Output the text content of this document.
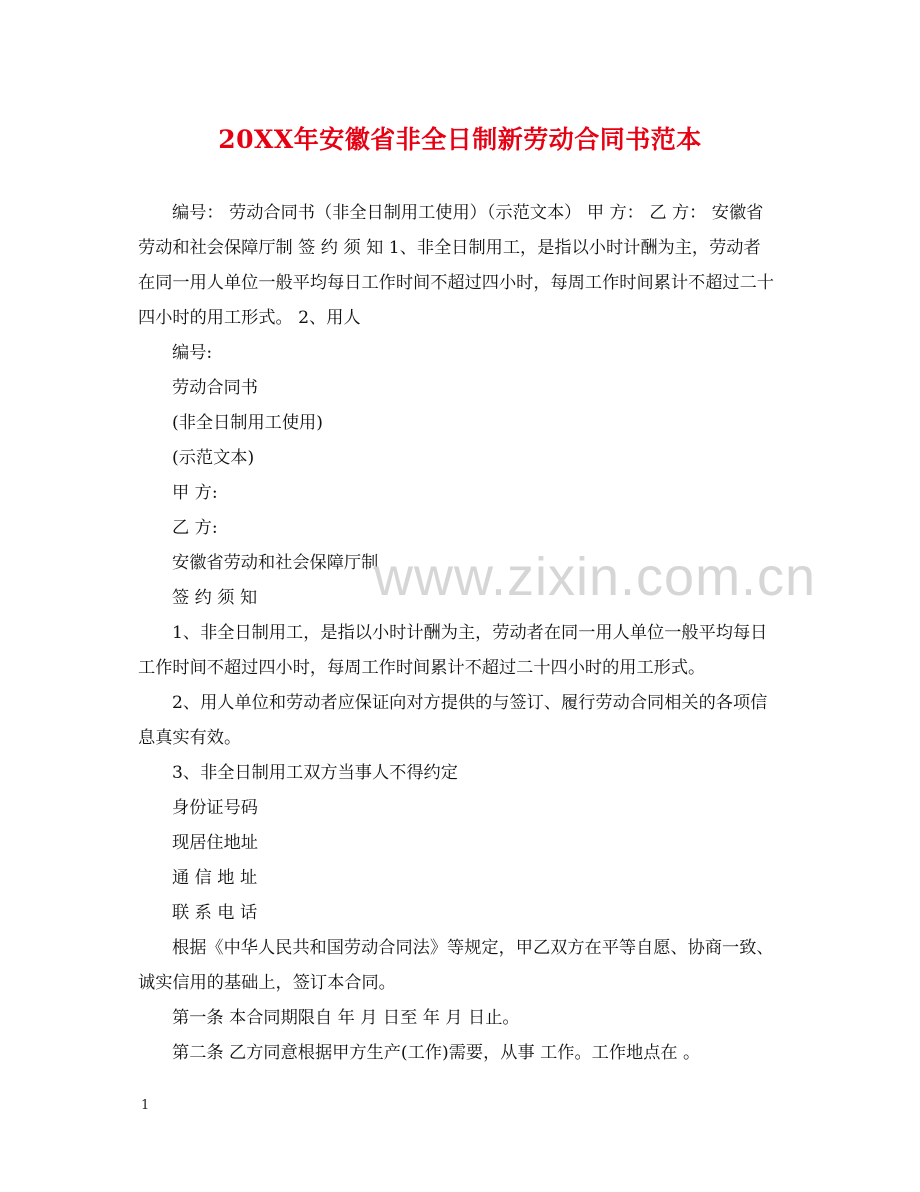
20XX年安徽省非全日制新劳动合同书范本

编号： 劳动合同书（非全日制用工使用）（示范文本） 甲 方： 乙 方： 安徽省劳动和社会保障厅制 签 约 须 知 1、非全日制用工，是指以小时计酬为主，劳动者在同一用人单位一般平均每日工作时间不超过四小时，每周工作时间累计不超过二十四小时的用工形式。 2、用人

编号:

劳动合同书

(非全日制用工使用)

(示范文本)

甲 方:

乙 方:

安徽省劳动和社会保障厅制

签 约 须 知

1、非全日制用工，是指以小时计酬为主，劳动者在同一用人单位一般平均每日工作时间不超过四小时，每周工作时间累计不超过二十四小时的用工形式。

2、用人单位和劳动者应保证向对方提供的与签订、履行劳动合同相关的各项信息真实有效。

3、非全日制用工双方当事人不得约定

身份证号码

现居住地址

通 信 地 址

联 系 电 话

根据《中华人民共和国劳动合同法》等规定，甲乙双方在平等自愿、协商一致、诚实信用的基础上，签订本合同。

第一条 本合同期限自 年 月 日至 年 月 日止。

第二条 乙方同意根据甲方生产(工作)需要，从事 工作。工作地点在 。

www.zixin.com.cn
1
